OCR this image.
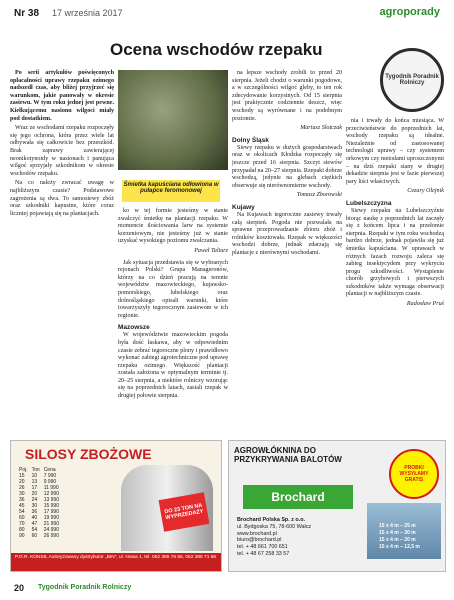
Nr 38 17 września 2017	agroporady
Ocena wschodów rzepaku
Tygodnik Poradnik Rolniczy

Po serii artykułów poświęconych opłacalności uprawy rzepaku ozimego nadszedł czas, aby bliżej przyjrzeć się warunkom, jakie panowały w okresie zasiewu. W tym roku jednej jest pewne. Kiełkującemu nasionu wilgoci miały pod dostatkiem.

Wraz ze wschodami rzepaku rozpoczęły się jego ochrona, która przez wiele lat odbywała się całkowicie bez przeszkód. Brak zaprawy zawierającej neonikotynoidy w nasionach i panująca wilgoć sprzyjały szkodnikom w okresie wschodów rzepaku.

Na co należy zwracać uwagę w najbliższym czasie? Podstawowe zagrożenia są dwa. To samosiewy zbóż oraz szkodniki kapustne, które coraz liczniej pojawiają się na plantacjach.

Śmietka kapuściana odłowiona w pułapce feromonowej

ko w tej formie jesteśmy w stanie zwalczyć śmietkę na plantacji rzepaku. W momencie ilościowania larw na systemie korzeniowym, nie jesteśmy już w stanie uzyskać wysokiego poziomu zwalczania.

Paweł Taliarz

Jak sytuacja przedstawia się w wybranych rejonach Polski? Grupa Manageronów, którzy na co dzień pracują na terenie województw mazowieckiego, kujawsko-pomorskiego, lubelskiego oraz dolnośląskiego opisali warunki, które towarzyszyły tegorocznym zasiewom w ich regionie.

Mazowsze

W województwie mazowieckim pogoda była dość łaskawa, aby w odpowiednim czasie zebrać tegoroczne plony i prawidłowo wykonać zabiegi agrotechniczne pod uprawę rzepaku ozimego. Większość plantacji została założona w optymalnym terminie tj. 20–25 sierpnia, a niektóre rolniczy wzorując się na poprzednich latach, zasiali rzepak w drugiej połowie sierpnia.

na lepsze wschody zrobili to przed 20 sierpnia. Jeżeli chodzi o warunki pogodowe, a w szczególności wilgoć gleby, to ten rok zdecydowanie korzystnych. Od 15 sierpnia jest praktycznie codziennie deszcz, więc wschody są wyrównane i na podobnym poziomie.

Mariusz Slotczak
Dolny Śląsk

Siewy rzepaku w dużych gospodarstwach oraz w okolicach Kłodzka rozpoczęły się jeszcze przed 16 sierpnia. Szczyt siewów przypadał na 20–27 sierpnia. Rzepaki dobrze wschodzą, jedynie na glebach ciężkich obserwuje się nierównomierne wschody.

Tomasz Zborowski
Kujawy

Na Kujawach tegoroczne zasiewy trwały całą sierpień. Pogoda nie pozwalała na sprawne przeprowadzanie zbioru zbóż i rolników kosztowała. Rzepak w większości wschodzi dobrze, jednak zdarzają się plantacje z nierównymi wschodami.

nia i trwały do końca miesiąca. W przeciwieństwie do poprzednich lat, wschody rzepaku są idealne. Niezależnie od zastosowanej technologii uprawy – czy systemem orkowym czy metodami uproszczonymi – na dziś rzepaki siany w drugiej dekadzie sierpnia jest w fazie pierwszej pary liści właściwych.

Cezary Olejnik
Lubelszczyzna

Siewy rzepaku na Lubelszczyźnie biorąc naukę z poprzednich lat zaczęły się z końcem lipca i na przełomie sierpnia. Rzepaki w tym roku wschodzą bardzo dobrze, jednak pojawiła się już śmietka kapuściana. W uprawach w różnych fazach rozwoju zaleca się zabieg insektycydem przy wykryciu progu szkodliwości. Wystąpienie chorób grzybowych i pierwszych szkodników także wymaga obserwacji plantacji w najbliższym czasie.

Radosław Pruś
SILOSY ZBOŻOWE
Poj.	Ton	Cena
15	10	7 990
20	13	9 990
26	17	11 990
30	20	12 990
36	24	13 990
45	30	15 990
54	36	17 990
60	40	19 990
70	47	21 990
80	54	24 990
90	60	26 990
DO 23 TON NA WYPRZEDAŻY
P.O.R. KONSIL Autoryzowany dystrybutor „BIN”, ul. Nowa 1, tel. 052 385 76 66, 052 385 71 56
AGROWŁÓKNINA DO PRZYKRYWANIA BALOTÓW
Brochard
Brochard Polska Sp. z o.o.
ul. Bydgoska 75, 78-600 Wałcz
www.brochard.pl
biuro@brochard.pl
tel. + 48 661 700 651
tel. + 48 67 258 33 57
PROBKI WYSYŁAMY GRATIS
15 x 4 m – 25 m
15 x 4 m – 30 m
15 x 4 m – 20 m
15 x 4 m – 12,5 m
20 Tygodnik Poradnik Rolniczy
